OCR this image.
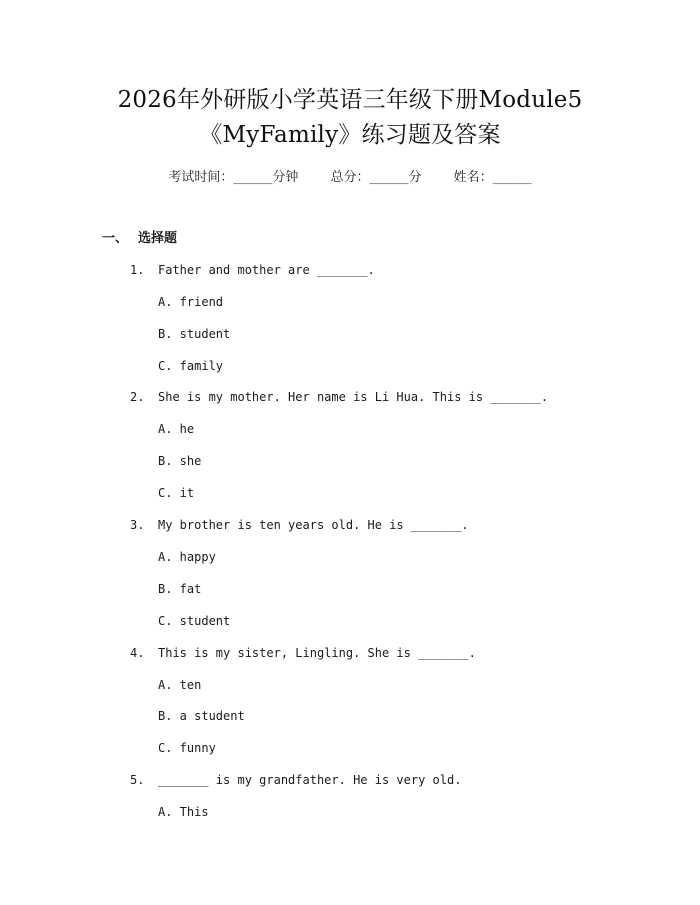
2026年外研版小学英语三年级下册Module5
《MyFamily》练习题及答案
考试时间：______分钟 总分：______分 姓名：______
一、 选择题
1. Father and mother are _______.
A. friend
B. student
C. family
2. She is my mother. Her name is Li Hua. This is _______.
A. he
B. she
C. it
3. My brother is ten years old. He is _______.
A. happy
B. fat
C. student
4. This is my sister, Lingling. She is _______.
A. ten
B. a student
C. funny
5. _______ is my grandfather. He is very old.
A. This
